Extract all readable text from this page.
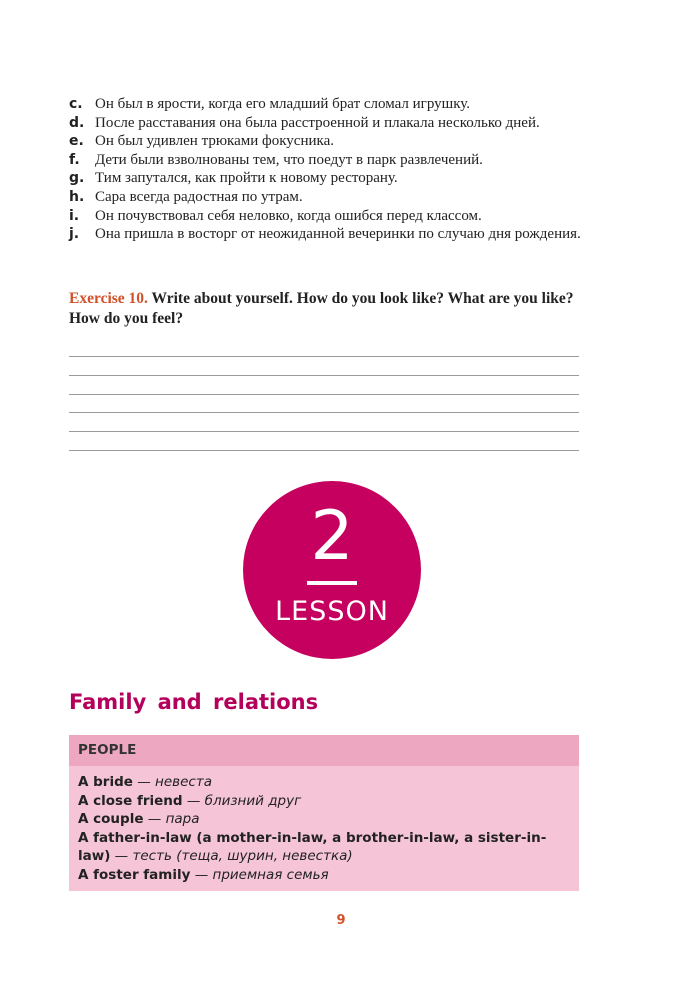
c. Он был в ярости, когда его младший брат сломал игрушку.
d. После расставания она была расстроенной и плакала несколько дней.
e. Он был удивлен трюками фокусника.
f. Дети были взволнованы тем, что поедут в парк развлечений.
g. Тим запутался, как пройти к новому ресторану.
h. Сара всегда радостная по утрам.
i. Он почувствовал себя неловко, когда ошибся перед классом.
j. Она пришла в восторг от неожиданной вечеринки по случаю дня рождения.
Exercise 10. Write about yourself. How do you look like? What are you like? How do you feel?
2
LESSON
Family and relations
PEOPLE
A bride — невеста
A close friend — близний друг
A couple — пара
A father-in-law (a mother-in-law, a brother-in-law, a sister-in-law) — тесть (теща, шурин, невестка)
A foster family — приемная семья
9
